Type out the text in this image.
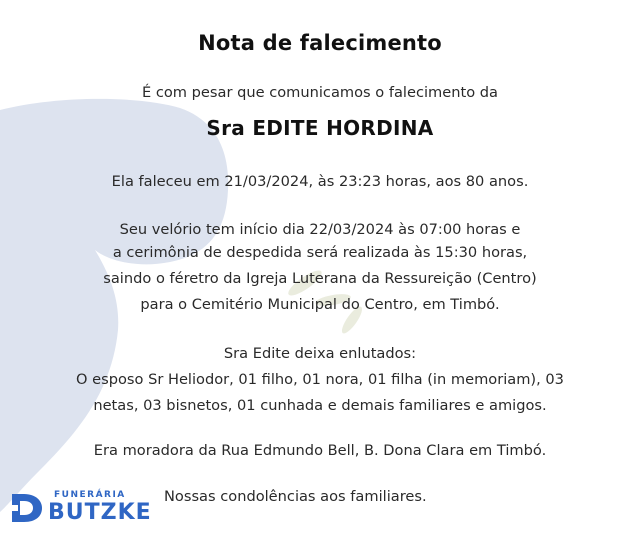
Nota de falecimento
É com pesar que comunicamos o falecimento da
Sra EDITE HORDINA
Ela faleceu em 21/03/2024, às 23:23 horas, aos 80 anos.
Seu velório tem início dia 22/03/2024 às 07:00 horas e
a cerimônia de despedida será realizada às 15:30 horas,
saindo o féretro da Igreja Luterana da Ressureição (Centro)
para o Cemitério Municipal do Centro, em Timbó.
Sra Edite deixa enlutados:
O esposo Sr Heliodor, 01 filho, 01 nora, 01 filha (in memoriam), 03
netas, 03 bisnetos, 01 cunhada e demais familiares e amigos.
Era moradora da Rua Edmundo Bell, B. Dona Clara em Timbó.
FUNERÁRIA
BUTZKE
Nossas condolências aos familiares.
